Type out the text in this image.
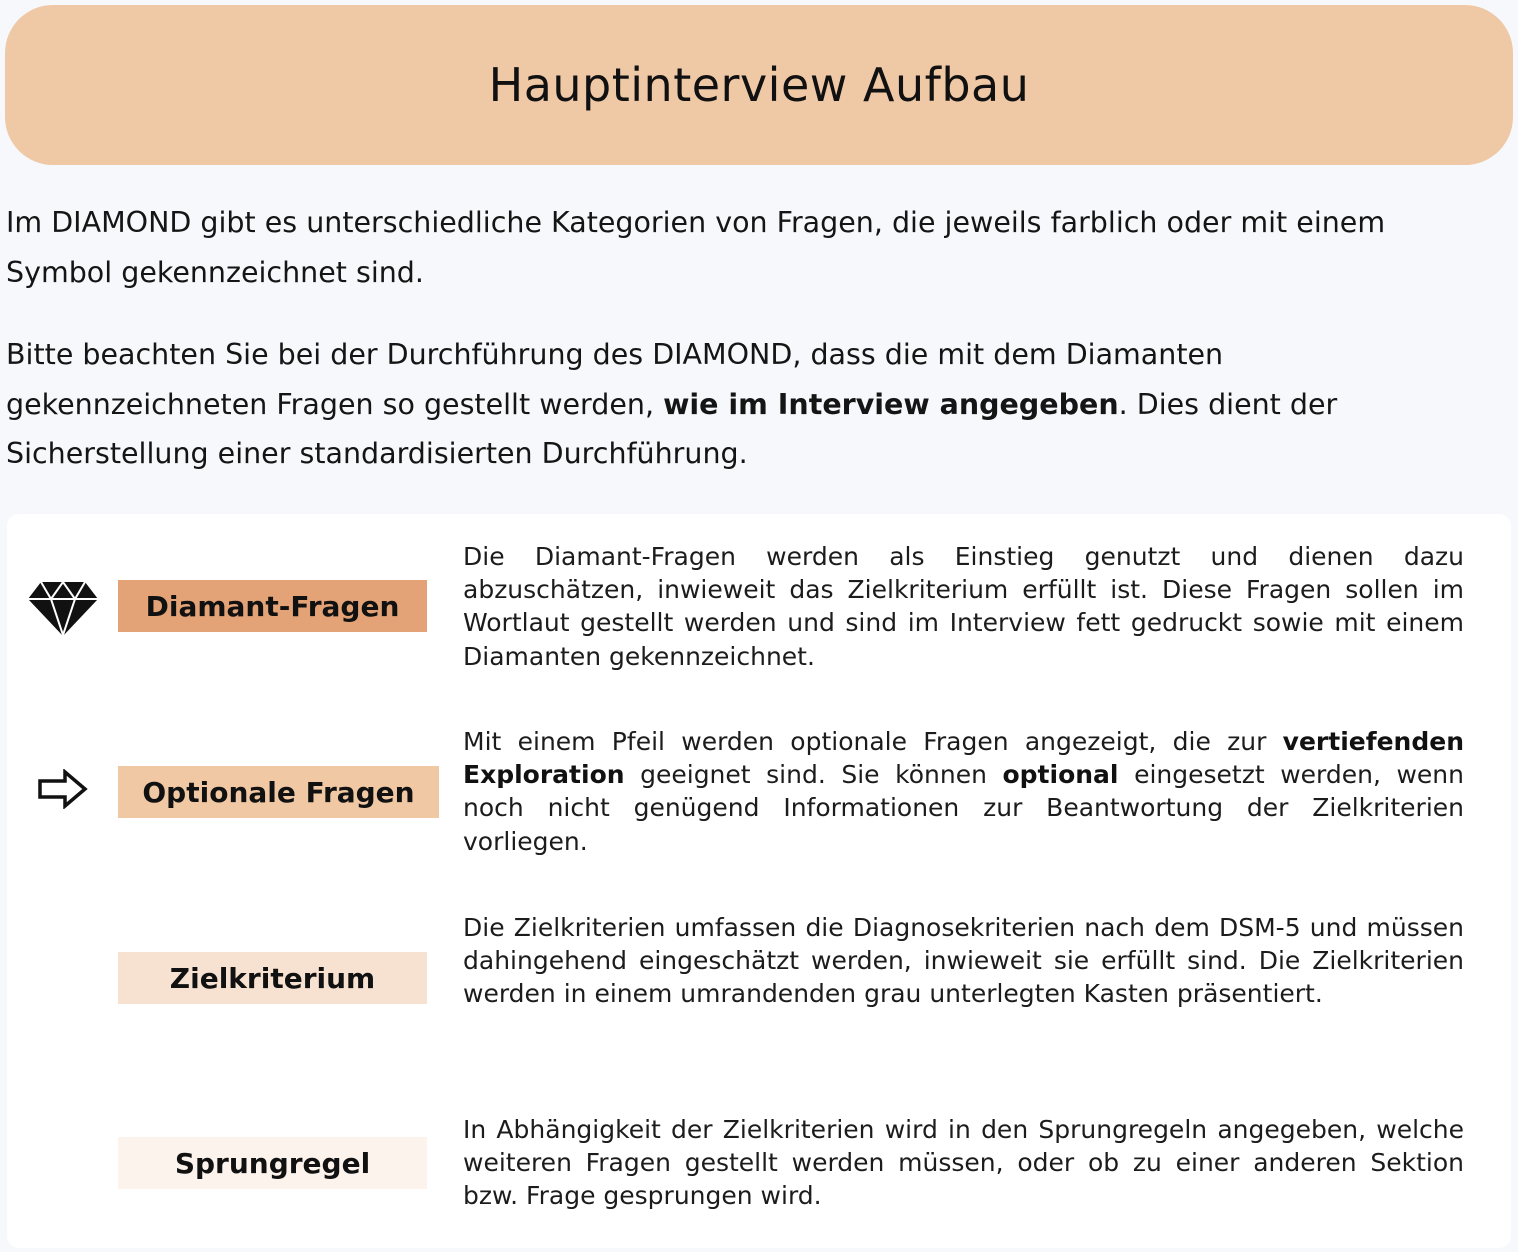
Hauptinterview Aufbau

Im DIAMOND gibt es unterschiedliche Kategorien von Fragen, die jeweils farblich oder mit einem Symbol gekennzeichnet sind.

Bitte beachten Sie bei der Durchführung des DIAMOND, dass die mit dem Diamanten gekennzeichneten Fragen so gestellt werden, wie im Interview angegeben. Dies dient der Sicherstellung einer standardisierten Durchführung.

Diamant-Fragen
Die Diamant-Fragen werden als Einstieg genutzt und dienen dazu abzuschätzen, inwieweit das Zielkriterium erfüllt ist. Diese Fragen sollen im Wortlaut gestellt werden und sind im Interview fett gedruckt sowie mit einem Diamanten gekennzeichnet.
Optionale Fragen
Mit einem Pfeil werden optionale Fragen angezeigt, die zur vertiefenden Exploration geeignet sind. Sie können optional eingesetzt werden, wenn noch nicht genügend Informationen zur Beantwortung der Zielkriterien vorliegen.
Zielkriterium
Die Zielkriterien umfassen die Diagnosekriterien nach dem DSM-5 und müssen dahingehend eingeschätzt werden, inwieweit sie erfüllt sind. Die Zielkriterien werden in einem umrandenden grau unterlegten Kasten präsentiert.
Sprungregel
In Abhängigkeit der Zielkriterien wird in den Sprungregeln angegeben, welche weiteren Fragen gestellt werden müssen, oder ob zu einer anderen Sektion bzw. Frage gesprungen wird.
